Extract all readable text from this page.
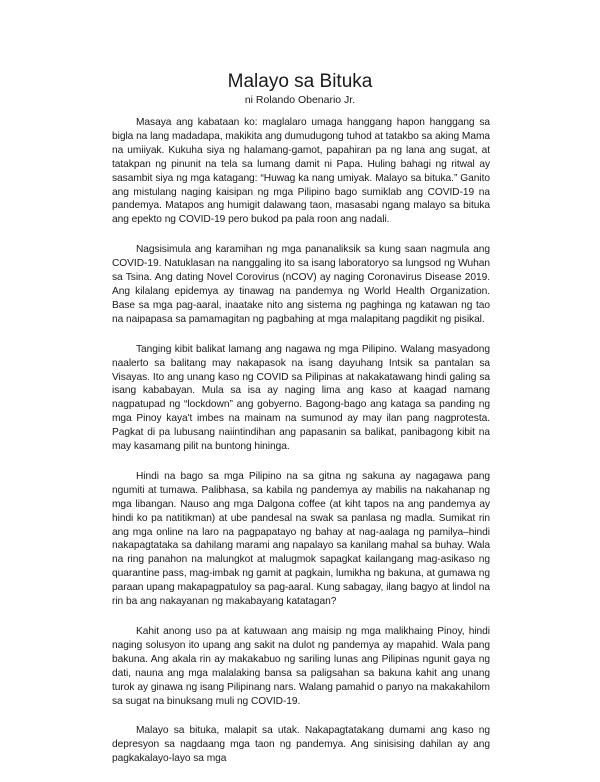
Malayo sa Bituka

ni Rolando Obenario Jr.

Masaya ang kabataan ko: maglalaro umaga hanggang hapon hanggang sa bigla na lang madadapa, makikita ang dumudugong tuhod at tatakbo sa aking Mama na umiiyak. Kukuha siya ng halamang-gamot, papahiran pa ng lana ang sugat, at tatakpan ng pinunit na tela sa lumang damit ni Papa. Huling bahagi ng ritwal ay sasambit siya ng mga katagang: “Huwag ka nang umiyak. Malayo sa bituka.” Ganito ang mistulang naging kaisipan ng mga Pilipino bago sumiklab ang COVID-19 na pandemya. Matapos ang humigit dalawang taon, masasabi ngang malayo sa bituka ang epekto ng COVID-19 pero bukod pa pala roon ang nadali.

Nagsisimula ang karamihan ng mga pananaliksik sa kung saan nagmula ang COVID-19. Natuklasan na nanggaling ito sa isang laboratoryo sa lungsod ng Wuhan sa Tsina. Ang dating Novel Corovirus (nCOV) ay naging Coronavirus Disease 2019. Ang kilalang epidemya ay tinawag na pandemya ng World Health Organization. Base sa mga pag-aaral, inaatake nito ang sistema ng paghinga ng katawan ng tao na naipapasa sa pamamagitan ng pagbahing at mga malapitang pagdikit ng pisikal.

Tanging kibit balikat lamang ang nagawa ng mga Pilipino. Walang masyadong naalerto sa balitang may nakapasok na isang dayuhang Intsik sa pantalan sa Visayas. Ito ang unang kaso ng COVID sa Pilipinas at nakakatawang hindi galing sa isang kababayan. Mula sa isa ay naging lima ang kaso at kaagad namang nagpatupad ng “lockdown” ang gobyerno. Bagong-bago ang kataga sa panding ng mga Pinoy kaya't imbes na mainam na sumunod ay may ilan pang nagprotesta. Pagkat di pa lubusang naiintindihan ang papasanin sa balikat, panibagong kibit na may kasamang pilit na buntong hininga.

Hindi na bago sa mga Pilipino na sa gitna ng sakuna ay nagagawa pang ngumiti at tumawa. Palibhasa, sa kabila ng pandemya ay mabilis na nakahanap ng mga libangan. Nauso ang mga Dalgona coffee (at kiht tapos na ang pandemya ay hindi ko pa natitikman) at ube pandesal na swak sa panlasa ng madla. Sumikat rin ang mga online na laro na pagpapatayo ng bahay at nag-aalaga ng pamilya–hindi nakapagtataka sa dahilang marami ang napalayo sa kanilang mahal sa buhay. Wala na ring panahon na malungkot at malugmok sapagkat kailangang mag-asikaso ng quarantine pass, mag-imbak ng gamit at pagkain, lumikha ng bakuna, at gumawa ng paraan upang makapagpatuloy sa pag-aaral. Kung sabagay, ilang bagyo at lindol na rin ba ang nakayanan ng makabayang katatagan?

Kahit anong uso pa at katuwaan ang maisip ng mga malikhaing Pinoy, hindi naging solusyon ito upang ang sakit na dulot ng pandemya ay mapahid. Wala pang bakuna. Ang akala rin ay makakabuo ng sariling lunas ang Pilipinas ngunit gaya ng dati, nauna ang mga malalaking bansa sa paligsahan sa bakuna kahit ang unang turok ay ginawa ng isang Pilipinang nars. Walang pamahid o panyo na makakahilom sa sugat na binuksang muli ng COVID-19.

Malayo sa bituka, malapit sa utak. Nakapagtatakang dumami ang kaso ng depresyon sa nagdaang mga taon ng pandemya. Ang sinisising dahilan ay ang pagkakalayo-layo sa mga
